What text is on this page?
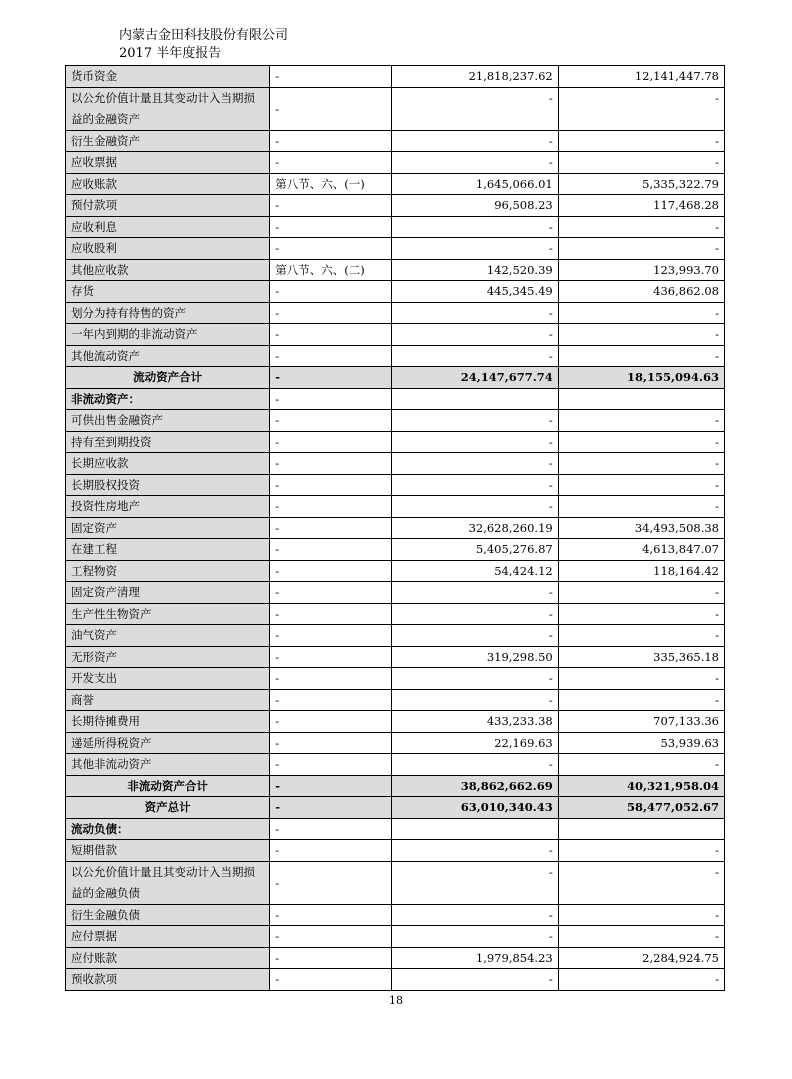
内蒙古金田科技股份有限公司
2017 半年度报告
货币资金	-	21,818,237.62	12,141,447.78
以公允价值计量且其变动计入当期损益的金融资产	-	-	-
衍生金融资产	-	-	-
应收票据	-	-	-
应收账款	第八节、六、(一)	1,645,066.01	5,335,322.79
预付款项	-	96,508.23	117,468.28
应收利息	-	-	-
应收股利	-	-	-
其他应收款	第八节、六、(二)	142,520.39	123,993.70
存货	-	445,345.49	436,862.08
划分为持有待售的资产	-	-	-
一年内到期的非流动资产	-	-	-
其他流动资产	-	-	-
流动资产合计	-	24,147,677.74	18,155,094.63
非流动资产：	-		
可供出售金融资产	-	-	-
持有至到期投资	-	-	-
长期应收款	-	-	-
长期股权投资	-	-	-
投资性房地产	-	-	-
固定资产	-	32,628,260.19	34,493,508.38
在建工程	-	5,405,276.87	4,613,847.07
工程物资	-	54,424.12	118,164.42
固定资产清理	-	-	-
生产性生物资产	-	-	-
油气资产	-	-	-
无形资产	-	319,298.50	335,365.18
开发支出	-	-	-
商誉	-	-	-
长期待摊费用	-	433,233.38	707,133.36
递延所得税资产	-	22,169.63	53,939.63
其他非流动资产	-	-	-
非流动资产合计	-	38,862,662.69	40,321,958.04
资产总计	-	63,010,340.43	58,477,052.67
流动负债：	-		
短期借款	-	-	-
以公允价值计量且其变动计入当期损益的金融负债	-	-	-
衍生金融负债	-	-	-
应付票据	-	-	-
应付账款	-	1,979,854.23	2,284,924.75
预收款项	-	-	-
18
